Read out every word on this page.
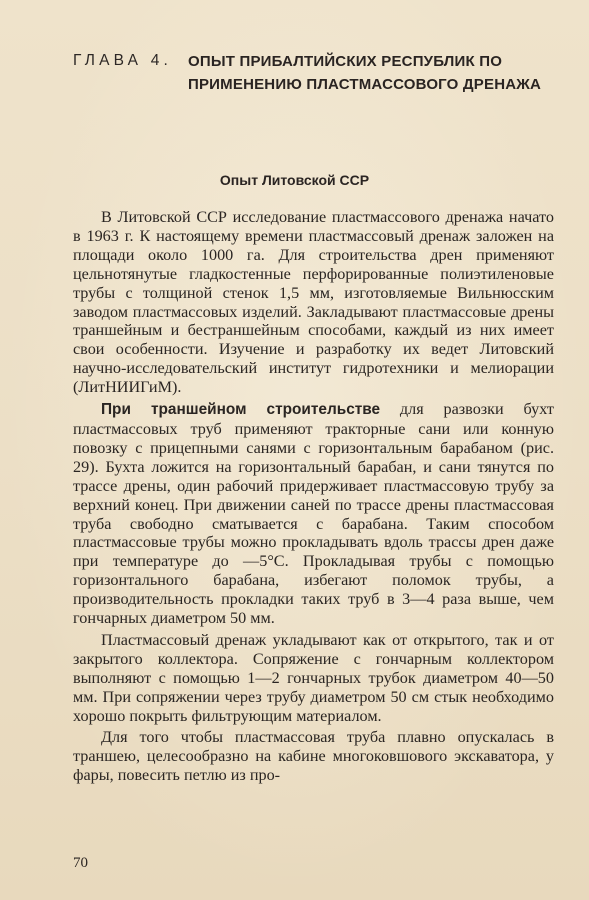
ГЛАВА 4. ОПЫТ ПРИБАЛТИЙСКИХ РЕСПУБЛИК ПО ПРИМЕНЕНИЮ ПЛАСТМАССОВОГО ДРЕНАЖА
Опыт Литовской ССР

В Литовской ССР исследование пластмассового дренажа начато в 1963 г. К настоящему времени пластмассовый дренаж заложен на площади около 1000 га. Для строительства дрен применяют цельнотянутые гладкостенные перфорированные полиэтиленовые трубы с толщиной стенок 1,5 мм, изготовляемые Вильнюсским заводом пластмассовых изделий. Закладывают пластмассовые дрены траншейным и бестраншейным способами, каждый из них имеет свои особенности. Изучение и разработку их ведет Литовский научно-исследовательский институт гидротехники и мелиорации (ЛитНИИГиМ).

При траншейном строительстве для развозки бухт пластмассовых труб применяют тракторные сани или конную повозку с прицепными санями с горизонтальным барабаном (рис. 29). Бухта ложится на горизонтальный барабан, и сани тянутся по трассе дрены, один рабочий придерживает пластмассовую трубу за верхний конец. При движении саней по трассе дрены пластмассовая труба свободно сматывается с барабана. Таким способом пластмассовые трубы можно прокладывать вдоль трассы дрен даже при температуре до —5°С. Прокладывая трубы с помощью горизонтального барабана, избегают поломок трубы, а производительность прокладки таких труб в 3—4 раза выше, чем гончарных диаметром 50 мм.

Пластмассовый дренаж укладывают как от открытого, так и от закрытого коллектора. Сопряжение с гончарным коллектором выполняют с помощью 1—2 гончарных трубок диаметром 40—50 мм. При сопряжении через трубу диаметром 50 см стык необходимо хорошо покрыть фильтрующим материалом.

Для того чтобы пластмассовая труба плавно опускалась в траншею, целесообразно на кабине многоковшового экскаватора, у фары, повесить петлю из про-

70
